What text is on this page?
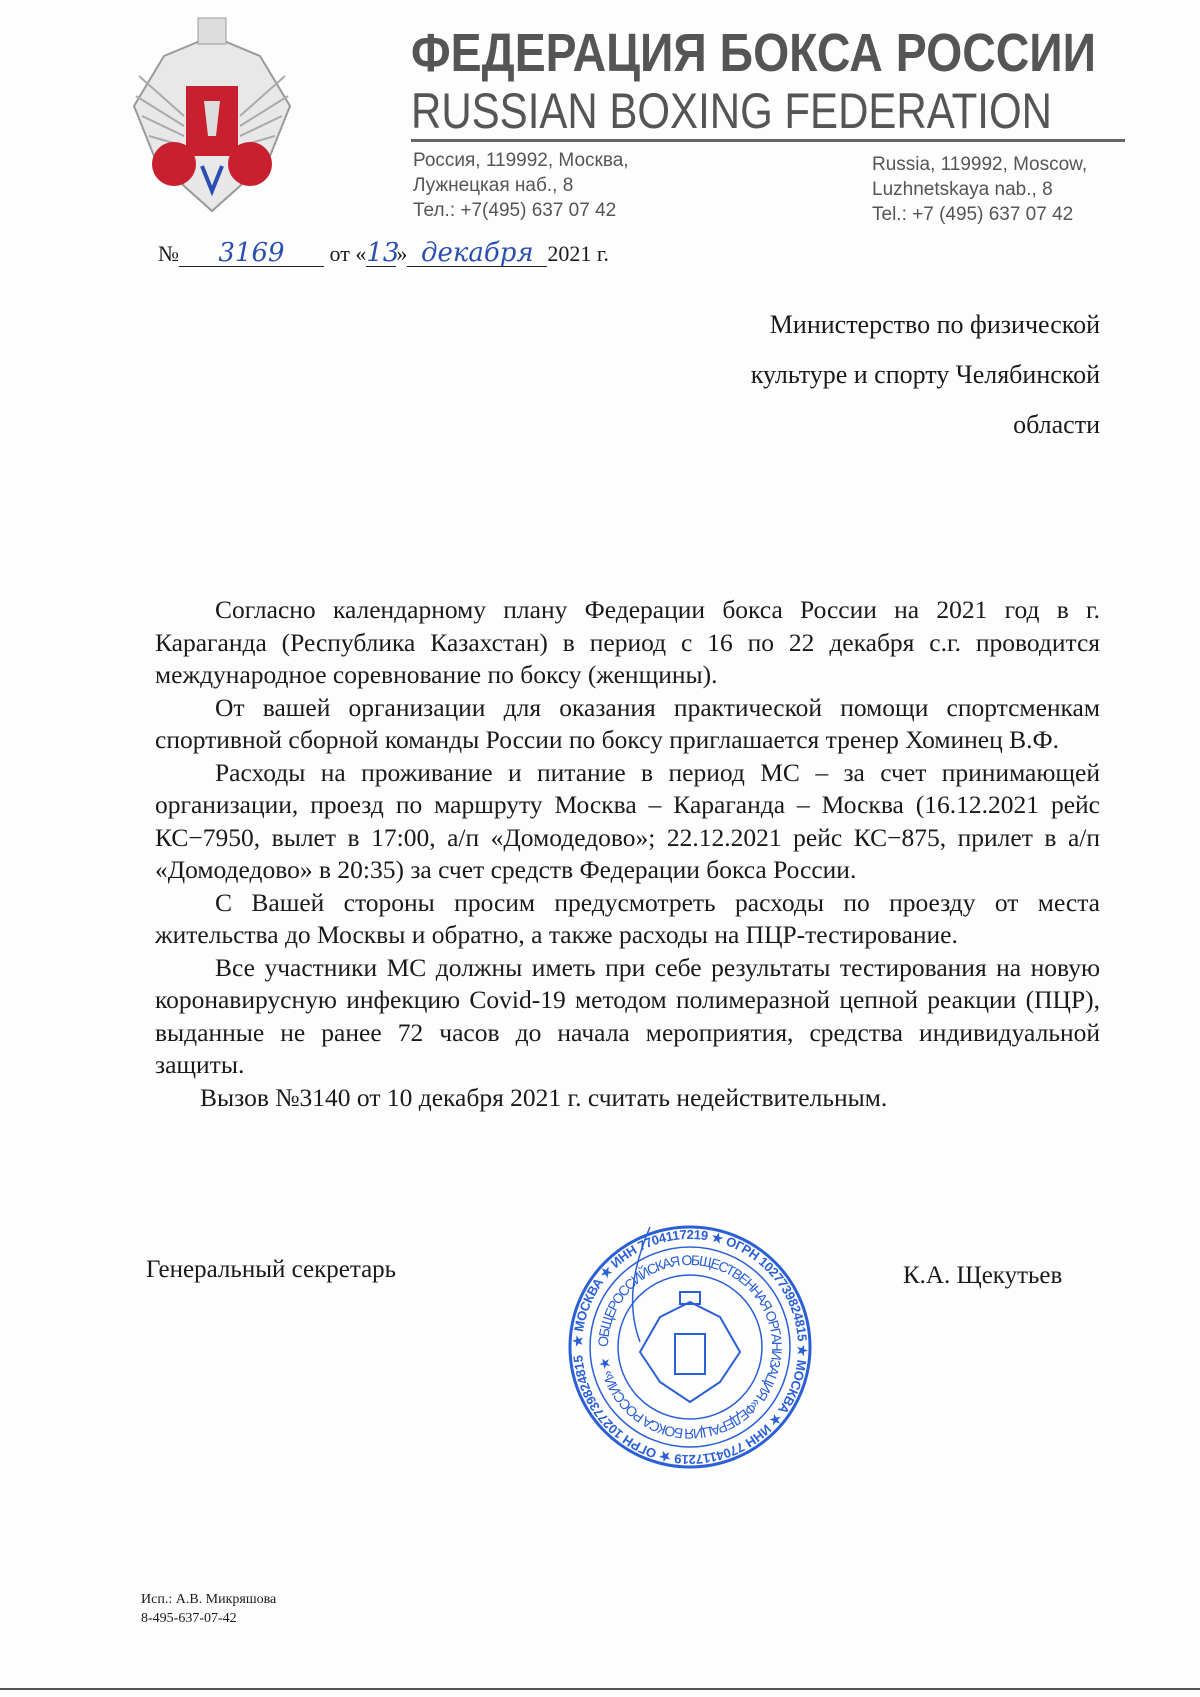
ФЕДЕРАЦИЯ БОКСА РОССИИ
RUSSIAN BOXING FEDERATION
Россия, 119992, Москва,
Лужнецкая наб., 8
Тел.: +7(495) 637 07 42
Russia, 119992, Moscow,
Luzhnetskaya nab., 8
Tel.: +7 (495) 637 07 42
№ 3169 от «13» декабря 2021 г.
Министерство по физической
культуре и спорту Челябинской
области

Согласно календарному плану Федерации бокса России на 2021 год в г. Караганда (Республика Казахстан) в период с 16 по 22 декабря с.г. проводится международное соревнование по боксу (женщины).

От вашей организации для оказания практической помощи спортсменкам спортивной сборной команды России по боксу приглашается тренер Хоминец В.Ф.

Расходы на проживание и питание в период МС – за счет принимающей организации, проезд по маршруту Москва – Караганда – Москва (16.12.2021 рейс КС−7950, вылет в 17:00, а/п «Домодедово»; 22.12.2021 рейс КС−875, прилет в а/п «Домодедово» в 20:35) за счет средств Федерации бокса России.

С Вашей стороны просим предусмотреть расходы по проезду от места жительства до Москвы и обратно, а также расходы на ПЦР-тестирование.

Все участники МС должны иметь при себе результаты тестирования на новую коронавирусную инфекцию Covid-19 методом полимеразной цепной реакции (ПЦР), выданные не ранее 72 часов до начала мероприятия, средства индивидуальной защиты.

Вызов №3140 от 10 декабря 2021 г. считать недействительным.

Генеральный секретарь	К.А. Щекутьев
★ МОСКВА ★ ИНН 7704117219 ★ ОГРН 1027739824815 ★ МОСКВА ★ ИНН 7704117219 ★ ОГРН 1027739824815
ОБЩЕРОССИЙСКАЯ ОБЩЕСТВЕННАЯ ОРГАНИЗАЦИЯ «ФЕДЕРАЦИЯ БОКСА РОССИИ» ★
Исп.: А.В. Микряшова
8-495-637-07-42
